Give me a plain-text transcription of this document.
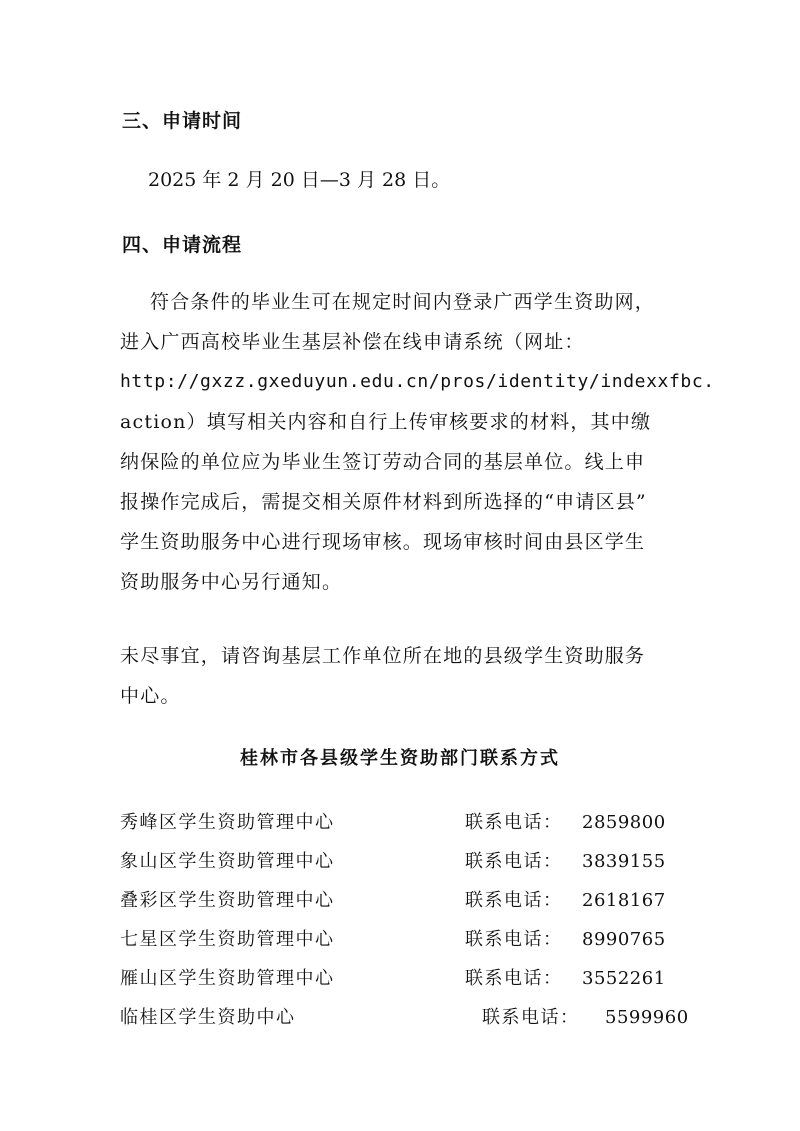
三、申请时间
2025 年 2 月 20 日—3 月 28 日。
四、申请流程
符合条件的毕业生可在规定时间内登录广西学生资助网，
进入广西高校毕业生基层补偿在线申请系统（网址：
http://gxzz.gxeduyun.edu.cn/pros/identity/indexxfbc.
action）填写相关内容和自行上传审核要求的材料，其中缴
纳保险的单位应为毕业生签订劳动合同的基层单位。线上申
报操作完成后，需提交相关原件材料到所选择的“申请区县”
学生资助服务中心进行现场审核。现场审核时间由县区学生
资助服务中心另行通知。
未尽事宜，请咨询基层工作单位所在地的县级学生资助服务
中心。
桂林市各县级学生资助部门联系方式
秀峰区学生资助管理中心	联系电话： 2859800
象山区学生资助管理中心	联系电话： 3839155
叠彩区学生资助管理中心	联系电话： 2618167
七星区学生资助管理中心	联系电话： 8990765
雁山区学生资助管理中心	联系电话： 3552261
临桂区学生资助中心	联系电话： 5599960
